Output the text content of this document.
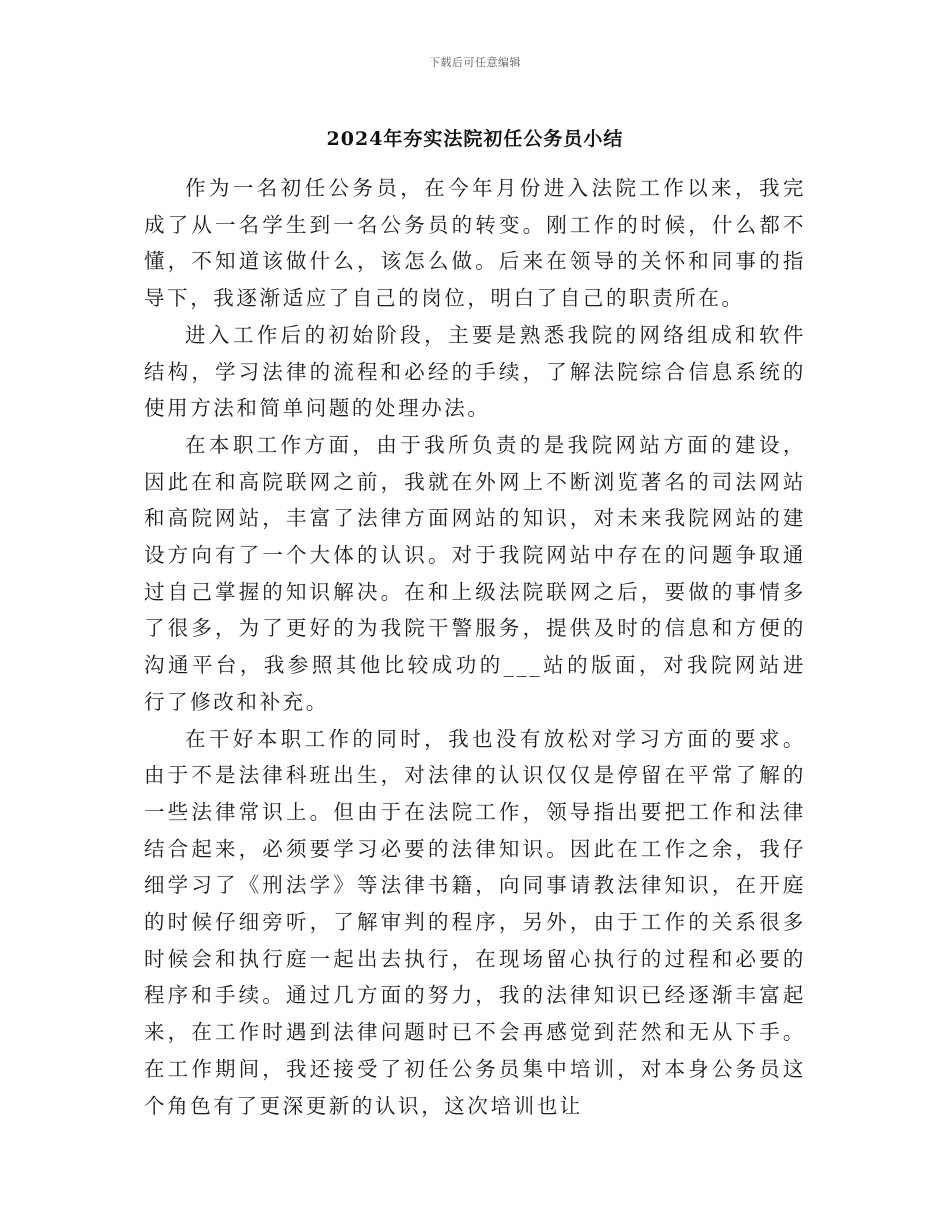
下载后可任意编辑
2024年夯实法院初任公务员小结

作为一名初任公务员，在今年月份进入法院工作以来，我完成了从一名学生到一名公务员的转变。刚工作的时候，什么都不懂，不知道该做什么，该怎么做。后来在领导的关怀和同事的指导下，我逐渐适应了自己的岗位，明白了自己的职责所在。

进入工作后的初始阶段，主要是熟悉我院的网络组成和软件结构，学习法律的流程和必经的手续，了解法院综合信息系统的使用方法和简单问题的处理办法。

在本职工作方面，由于我所负责的是我院网站方面的建设，因此在和高院联网之前，我就在外网上不断浏览著名的司法网站和高院网站，丰富了法律方面网站的知识，对未来我院网站的建设方向有了一个大体的认识。对于我院网站中存在的问题争取通过自己掌握的知识解决。在和上级法院联网之后，要做的事情多了很多，为了更好的为我院干警服务，提供及时的信息和方便的沟通平台，我参照其他比较成功的___站的版面，对我院网站进行了修改和补充。

在干好本职工作的同时，我也没有放松对学习方面的要求。由于不是法律科班出生，对法律的认识仅仅是停留在平常了解的一些法律常识上。但由于在法院工作，领导指出要把工作和法律结合起来，必须要学习必要的法律知识。因此在工作之余，我仔细学习了《刑法学》等法律书籍，向同事请教法律知识，在开庭的时候仔细旁听，了解审判的程序，另外，由于工作的关系很多时候会和执行庭一起出去执行，在现场留心执行的过程和必要的程序和手续。通过几方面的努力，我的法律知识已经逐渐丰富起来，在工作时遇到法律问题时已不会再感觉到茫然和无从下手。在工作期间，我还接受了初任公务员集中培训，对本身公务员这个角色有了更深更新的认识，这次培训也让
